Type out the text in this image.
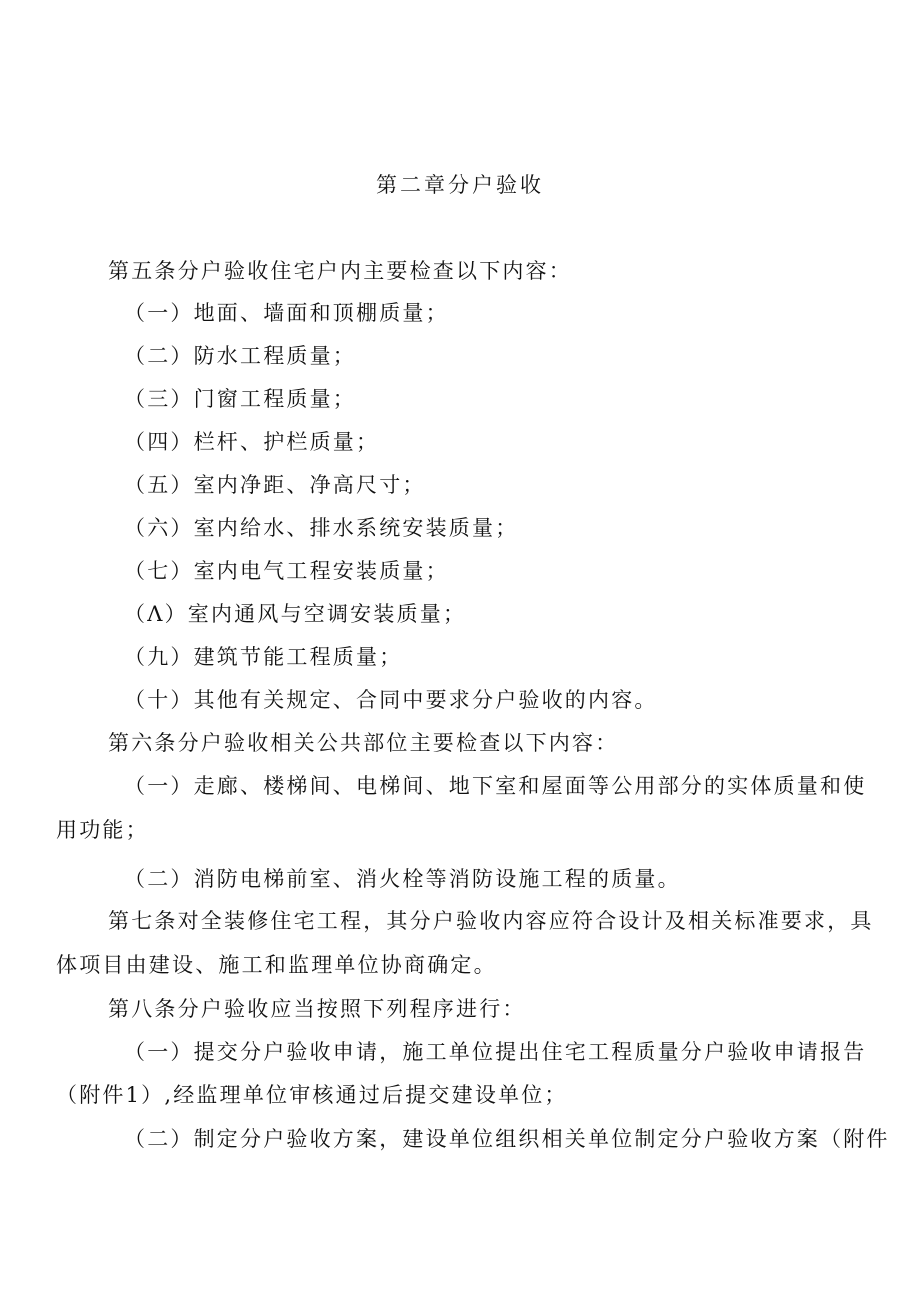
第二章分户验收
第五条分户验收住宅户内主要检查以下内容：
（一）地面、墙面和顶棚质量；
（二）防水工程质量；
（三）门窗工程质量；
（四）栏杆、护栏质量；
（五）室内净距、净高尺寸；
（六）室内给水、排水系统安装质量；
（七）室内电气工程安装质量；
（Λ）室内通风与空调安装质量；
（九）建筑节能工程质量；
（十）其他有关规定、合同中要求分户验收的内容。
第六条分户验收相关公共部位主要检查以下内容：
（一）走廊、楼梯间、电梯间、地下室和屋面等公用部分的实体质量和使
用功能；
（二）消防电梯前室、消火栓等消防设施工程的质量。
第七条对全装修住宅工程，其分户验收内容应符合设计及相关标准要求，具
体项目由建设、施工和监理单位协商确定。
第八条分户验收应当按照下列程序进行：
（一）提交分户验收申请，施工单位提出住宅工程质量分户验收申请报告
（附件1）,经监理单位审核通过后提交建设单位；
（二）制定分户验收方案，建设单位组织相关单位制定分户验收方案（附件
